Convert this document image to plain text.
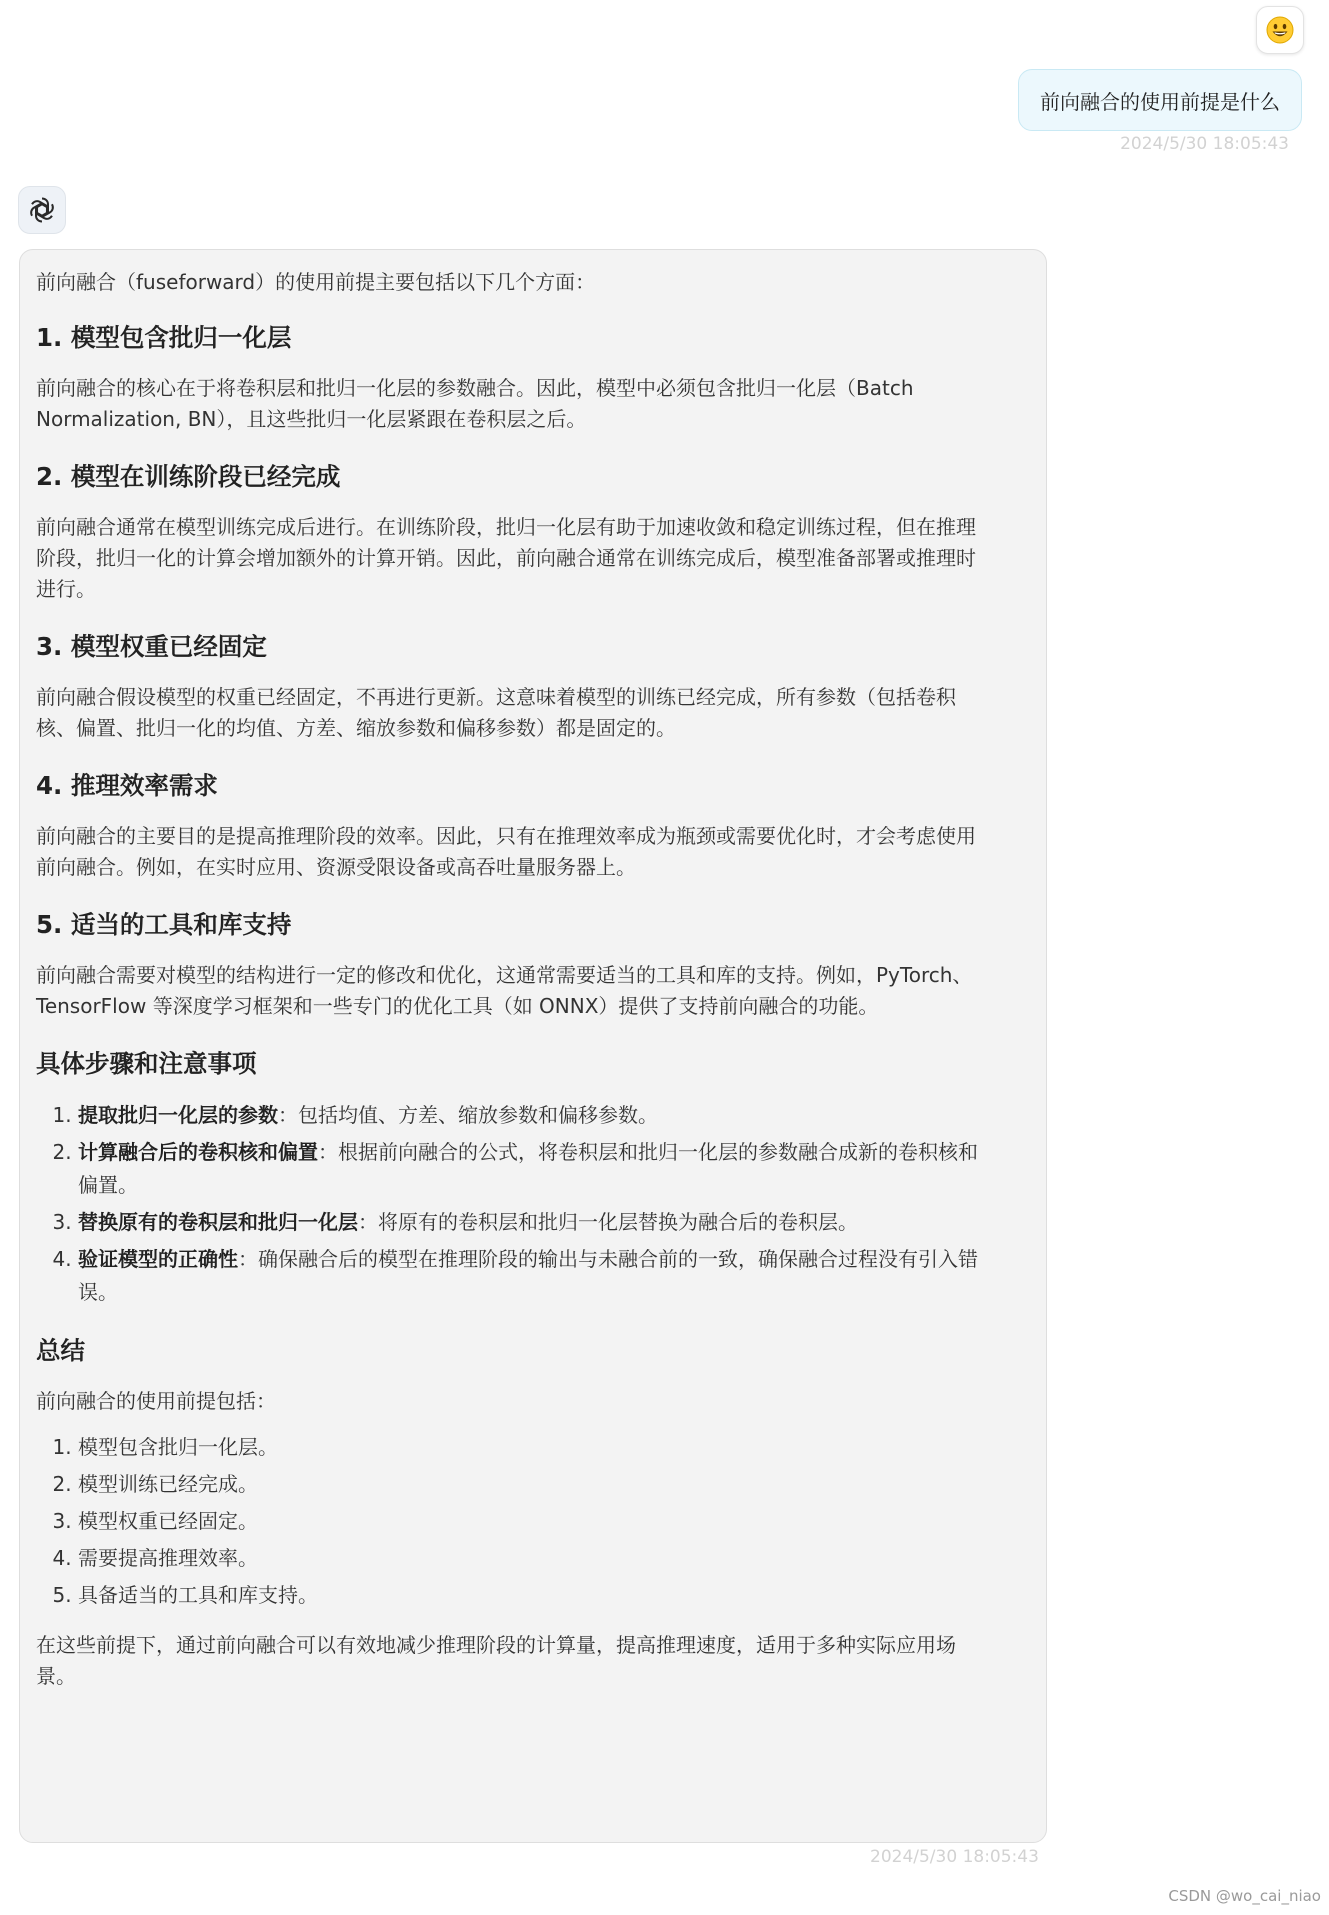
前向融合的使用前提是什么
2024/5/30 18:05:43

前向融合（fuseforward）的使用前提主要包括以下几个方面：

1. 模型包含批归一化层

前向融合的核心在于将卷积层和批归一化层的参数融合。因此，模型中必须包含批归一化层（Batch

Normalization, BN），且这些批归一化层紧跟在卷积层之后。

2. 模型在训练阶段已经完成

前向融合通常在模型训练完成后进行。在训练阶段，批归一化层有助于加速收敛和稳定训练过程，但在推理

阶段，批归一化的计算会增加额外的计算开销。因此，前向融合通常在训练完成后，模型准备部署或推理时

进行。

3. 模型权重已经固定

前向融合假设模型的权重已经固定，不再进行更新。这意味着模型的训练已经完成，所有参数（包括卷积

核、偏置、批归一化的均值、方差、缩放参数和偏移参数）都是固定的。

4. 推理效率需求

前向融合的主要目的是提高推理阶段的效率。因此，只有在推理效率成为瓶颈或需要优化时，才会考虑使用

前向融合。例如，在实时应用、资源受限设备或高吞吐量服务器上。

5. 适当的工具和库支持

前向融合需要对模型的结构进行一定的修改和优化，这通常需要适当的工具和库的支持。例如，PyTorch、

TensorFlow 等深度学习框架和一些专门的优化工具（如 ONNX）提供了支持前向融合的功能。

具体步骤和注意事项
1. 提取批归一化层的参数：包括均值、方差、缩放参数和偏移参数。
2. 计算融合后的卷积核和偏置：根据前向融合的公式，将卷积层和批归一化层的参数融合成新的卷积核和
偏置。
3. 替换原有的卷积层和批归一化层：将原有的卷积层和批归一化层替换为融合后的卷积层。
4. 验证模型的正确性：确保融合后的模型在推理阶段的输出与未融合前的一致，确保融合过程没有引入错
误。
总结

前向融合的使用前提包括：

1. 模型包含批归一化层。
2. 模型训练已经完成。
3. 模型权重已经固定。
4. 需要提高推理效率。
5. 具备适当的工具和库支持。

在这些前提下，通过前向融合可以有效地减少推理阶段的计算量，提高推理速度，适用于多种实际应用场

景。

2024/5/30 18:05:43
CSDN @wo_cai_niao
